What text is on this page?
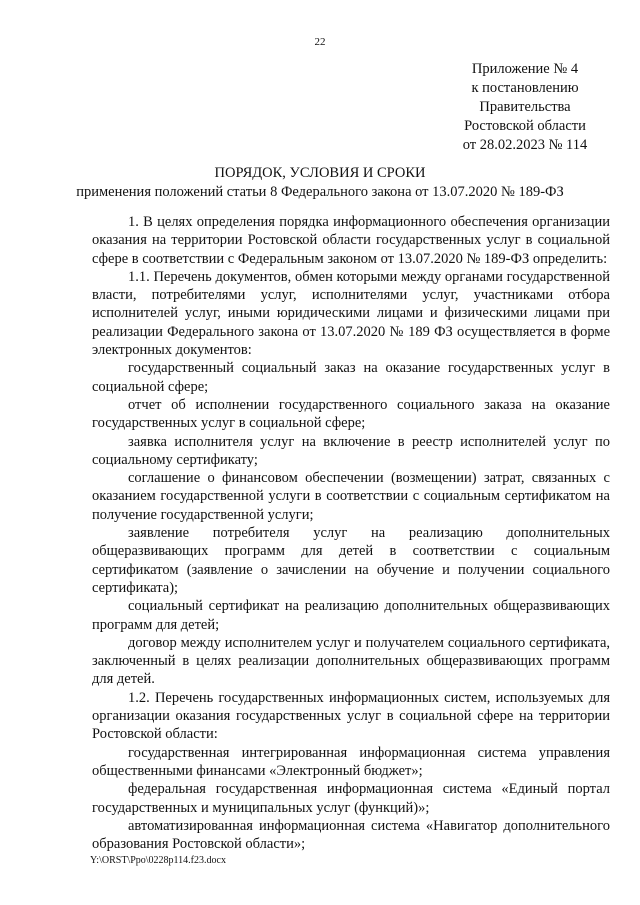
22
Приложение № 4
к постановлению
Правительства
Ростовской области
от 28.02.2023 № 114
ПОРЯДОК, УСЛОВИЯ И СРОКИ
применения положений статьи 8 Федерального закона от 13.07.2020 № 189-ФЗ

1. В целях определения порядка информационного обеспечения организации оказания на территории Ростовской области государственных услуг в социальной сфере в соответствии с Федеральным законом от 13.07.2020 № 189-ФЗ определить:

1.1. Перечень документов, обмен которыми между органами государственной власти, потребителями услуг, исполнителями услуг, участниками отбора исполнителей услуг, иными юридическими лицами и физическими лицами при реализации Федерального закона от 13.07.2020 № 189 ФЗ осуществляется в форме электронных документов:

государственный социальный заказ на оказание государственных услуг в социальной сфере;

отчет об исполнении государственного социального заказа на оказание государственных услуг в социальной сфере;

заявка исполнителя услуг на включение в реестр исполнителей услуг по социальному сертификату;

соглашение о финансовом обеспечении (возмещении) затрат, связанных с оказанием государственной услуги в соответствии с социальным сертификатом на получение государственной услуги;

заявление потребителя услуг на реализацию дополнительных общеразвивающих программ для детей в соответствии с социальным сертификатом (заявление о зачислении на обучение и получении социального сертификата);

социальный сертификат на реализацию дополнительных общеразвивающих программ для детей;

договор между исполнителем услуг и получателем социального сертификата, заключенный в целях реализации дополнительных общеразвивающих программ для детей.

1.2. Перечень государственных информационных систем, используемых для организации оказания государственных услуг в социальной сфере на территории Ростовской области:

государственная интегрированная информационная система управления общественными финансами «Электронный бюджет»;

федеральная государственная информационная система «Единый портал государственных и муниципальных услуг (функций)»;

автоматизированная информационная система «Навигатор дополнительного образования Ростовской области»;

Y:\ORST\Ppo\0228p114.f23.docx
